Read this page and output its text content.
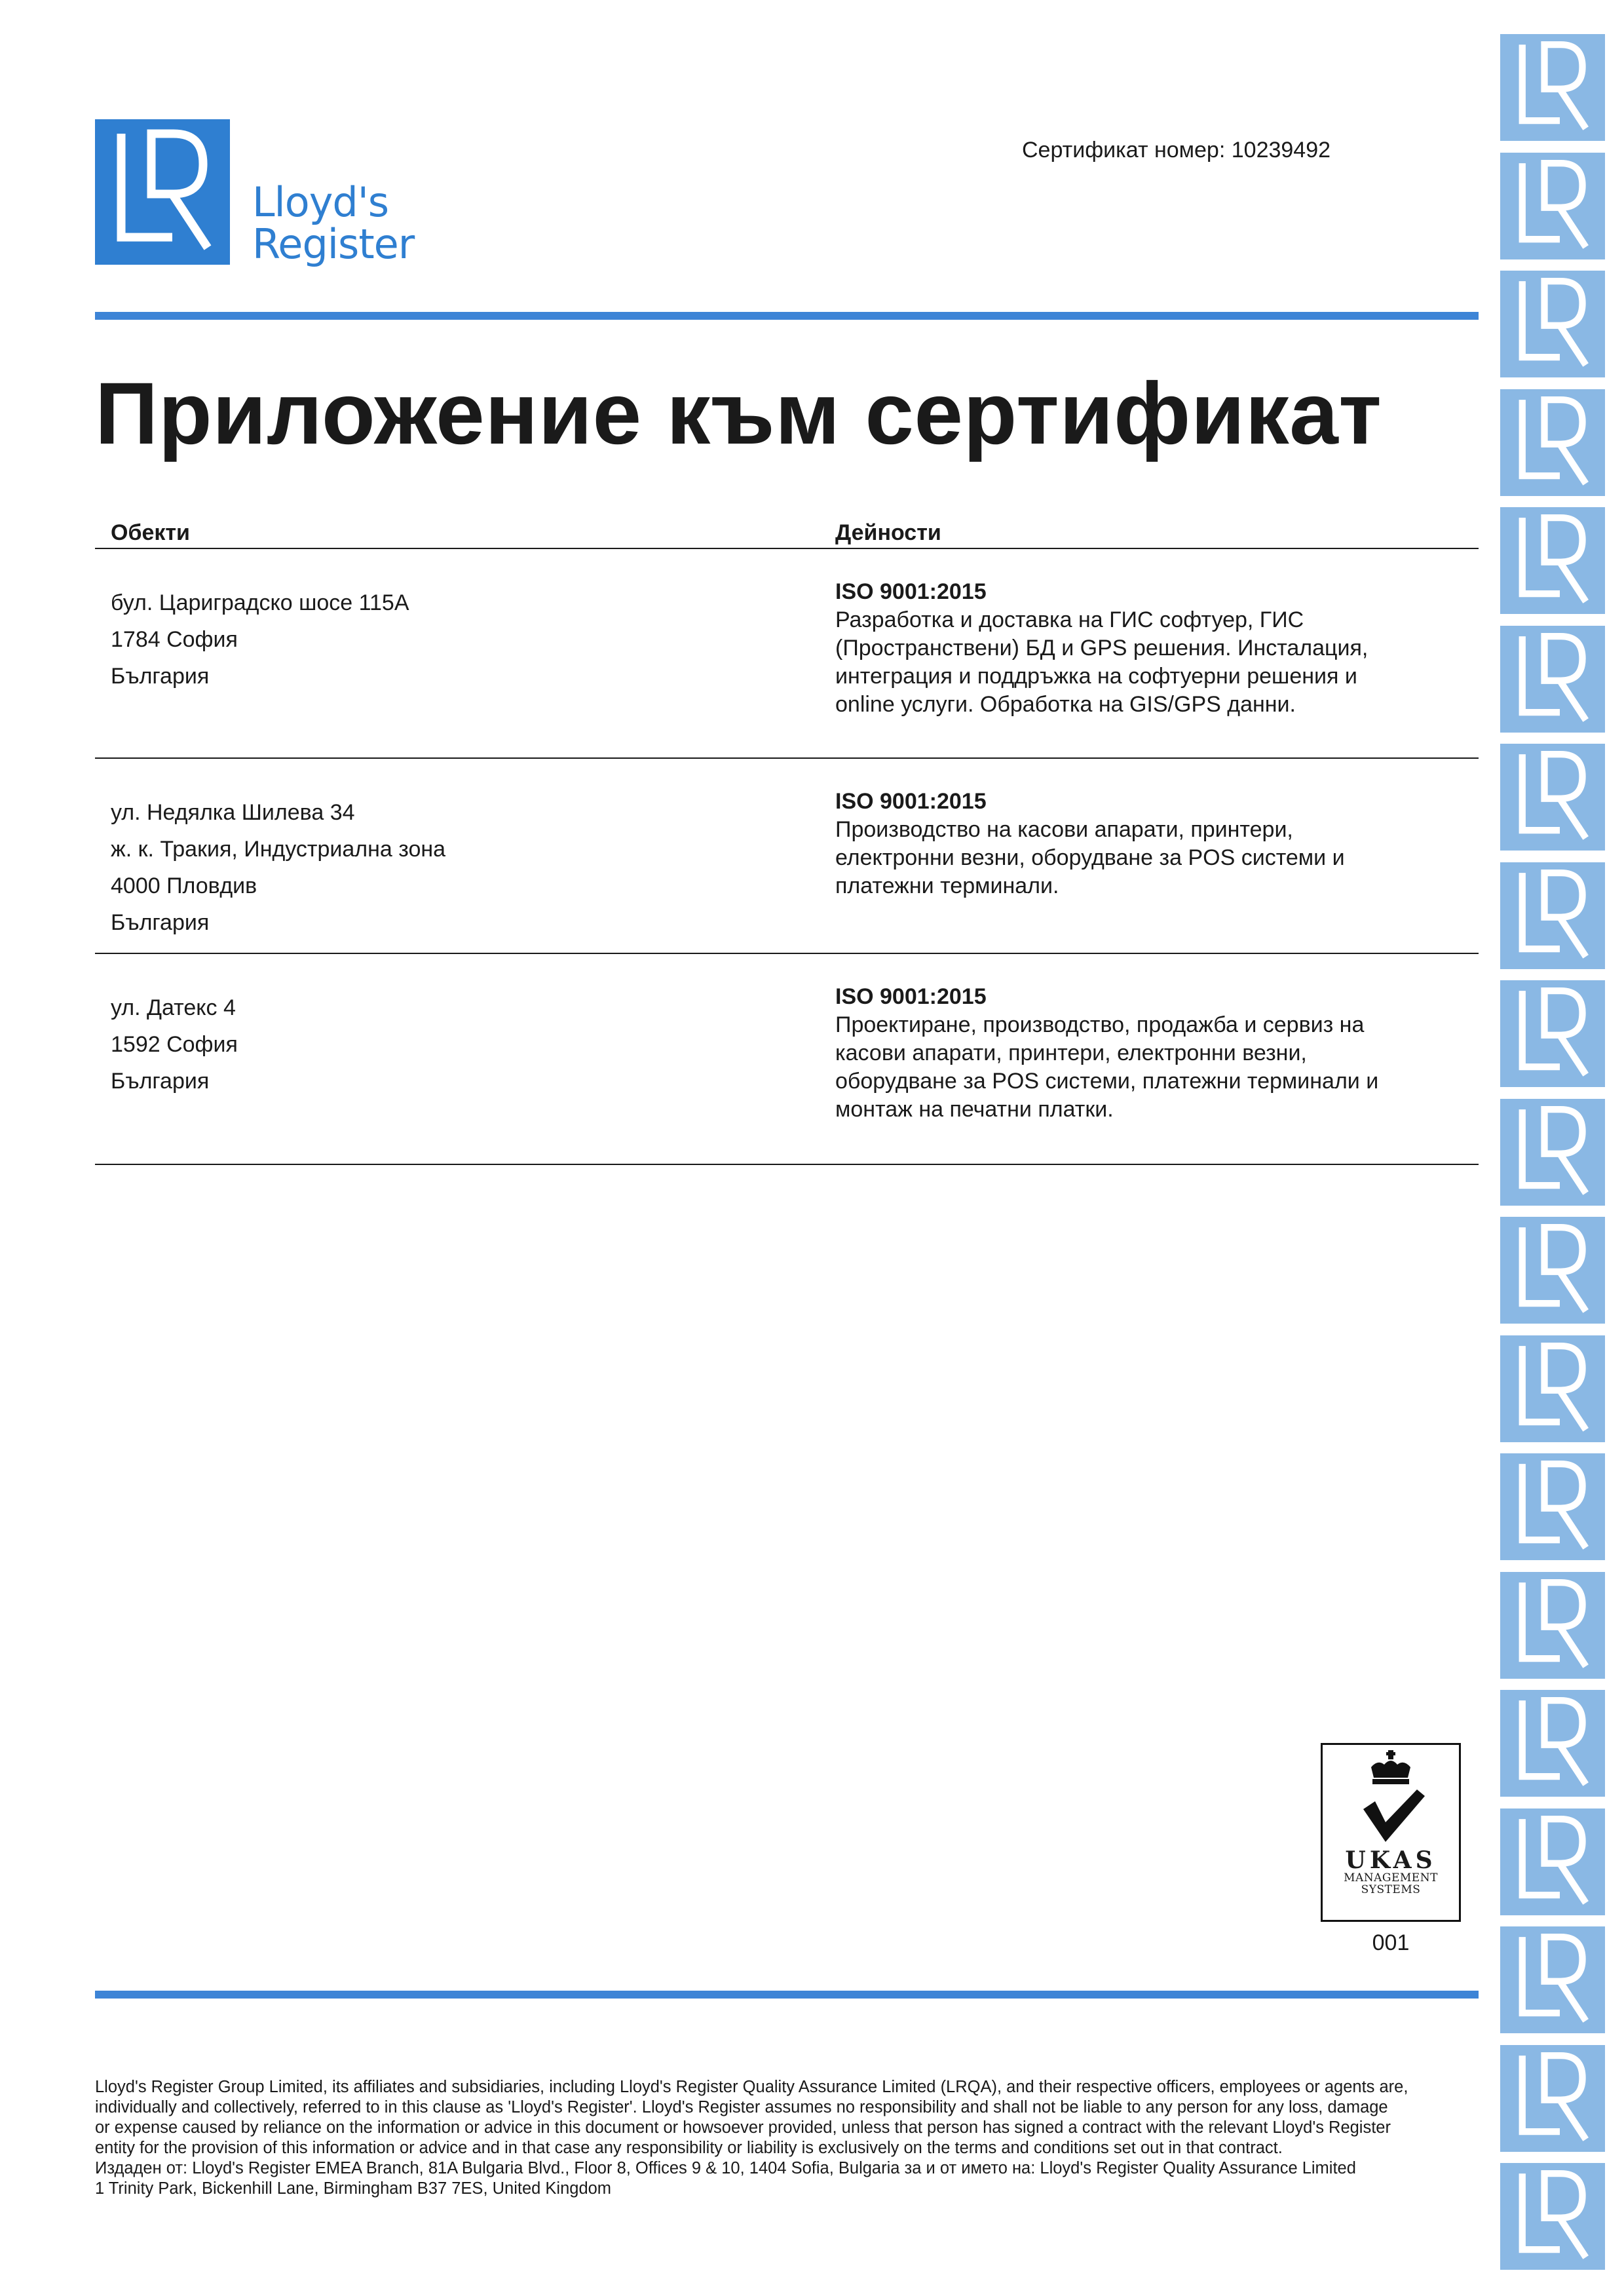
Lloyd's
Register
Сертификат номер: 10239492
Приложение към сертификат
Обекти	Дейности
бул. Цариградско шосе 115А
1784 София
България
ISO 9001:2015
Разработка и доставка на ГИС софтуер, ГИС
(Пространствени) БД и GPS решения. Инсталация,
интеграция и поддръжка на софтуерни решения и
online услуги. Обработка на GIS/GPS данни.
ул. Недялка Шилева 34
ж. к. Тракия, Индустриална зона
4000 Пловдив
България
ISO 9001:2015
Производство на касови апарати, принтери,
електронни везни, оборудване за POS системи и
платежни терминали.
ул. Датекс 4
1592 София
България
ISO 9001:2015
Проектиране, производство, продажба и сервиз на
касови апарати, принтери, електронни везни,
оборудване за POS системи, платежни терминали и
монтаж на печатни платки.
UKAS
MANAGEMENT
SYSTEMS
001

Lloyd's Register Group Limited, its affiliates and subsidiaries, including Lloyd's Register Quality Assurance Limited (LRQA), and their respective officers, employees or agents are,

individually and collectively, referred to in this clause as 'Lloyd's Register'. Lloyd's Register assumes no responsibility and shall not be liable to any person for any loss, damage

or expense caused by reliance on the information or advice in this document or howsoever provided, unless that person has signed a contract with the relevant Lloyd's Register

entity for the provision of this information or advice and in that case any responsibility or liability is exclusively on the terms and conditions set out in that contract.

Издаден от: Lloyd's Register EMEA Branch, 81A Bulgaria Blvd., Floor 8, Offices 9 & 10, 1404 Sofia, Bulgaria за и от името на: Lloyd's Register Quality Assurance Limited

1 Trinity Park, Bickenhill Lane, Birmingham B37 7ES, United Kingdom
